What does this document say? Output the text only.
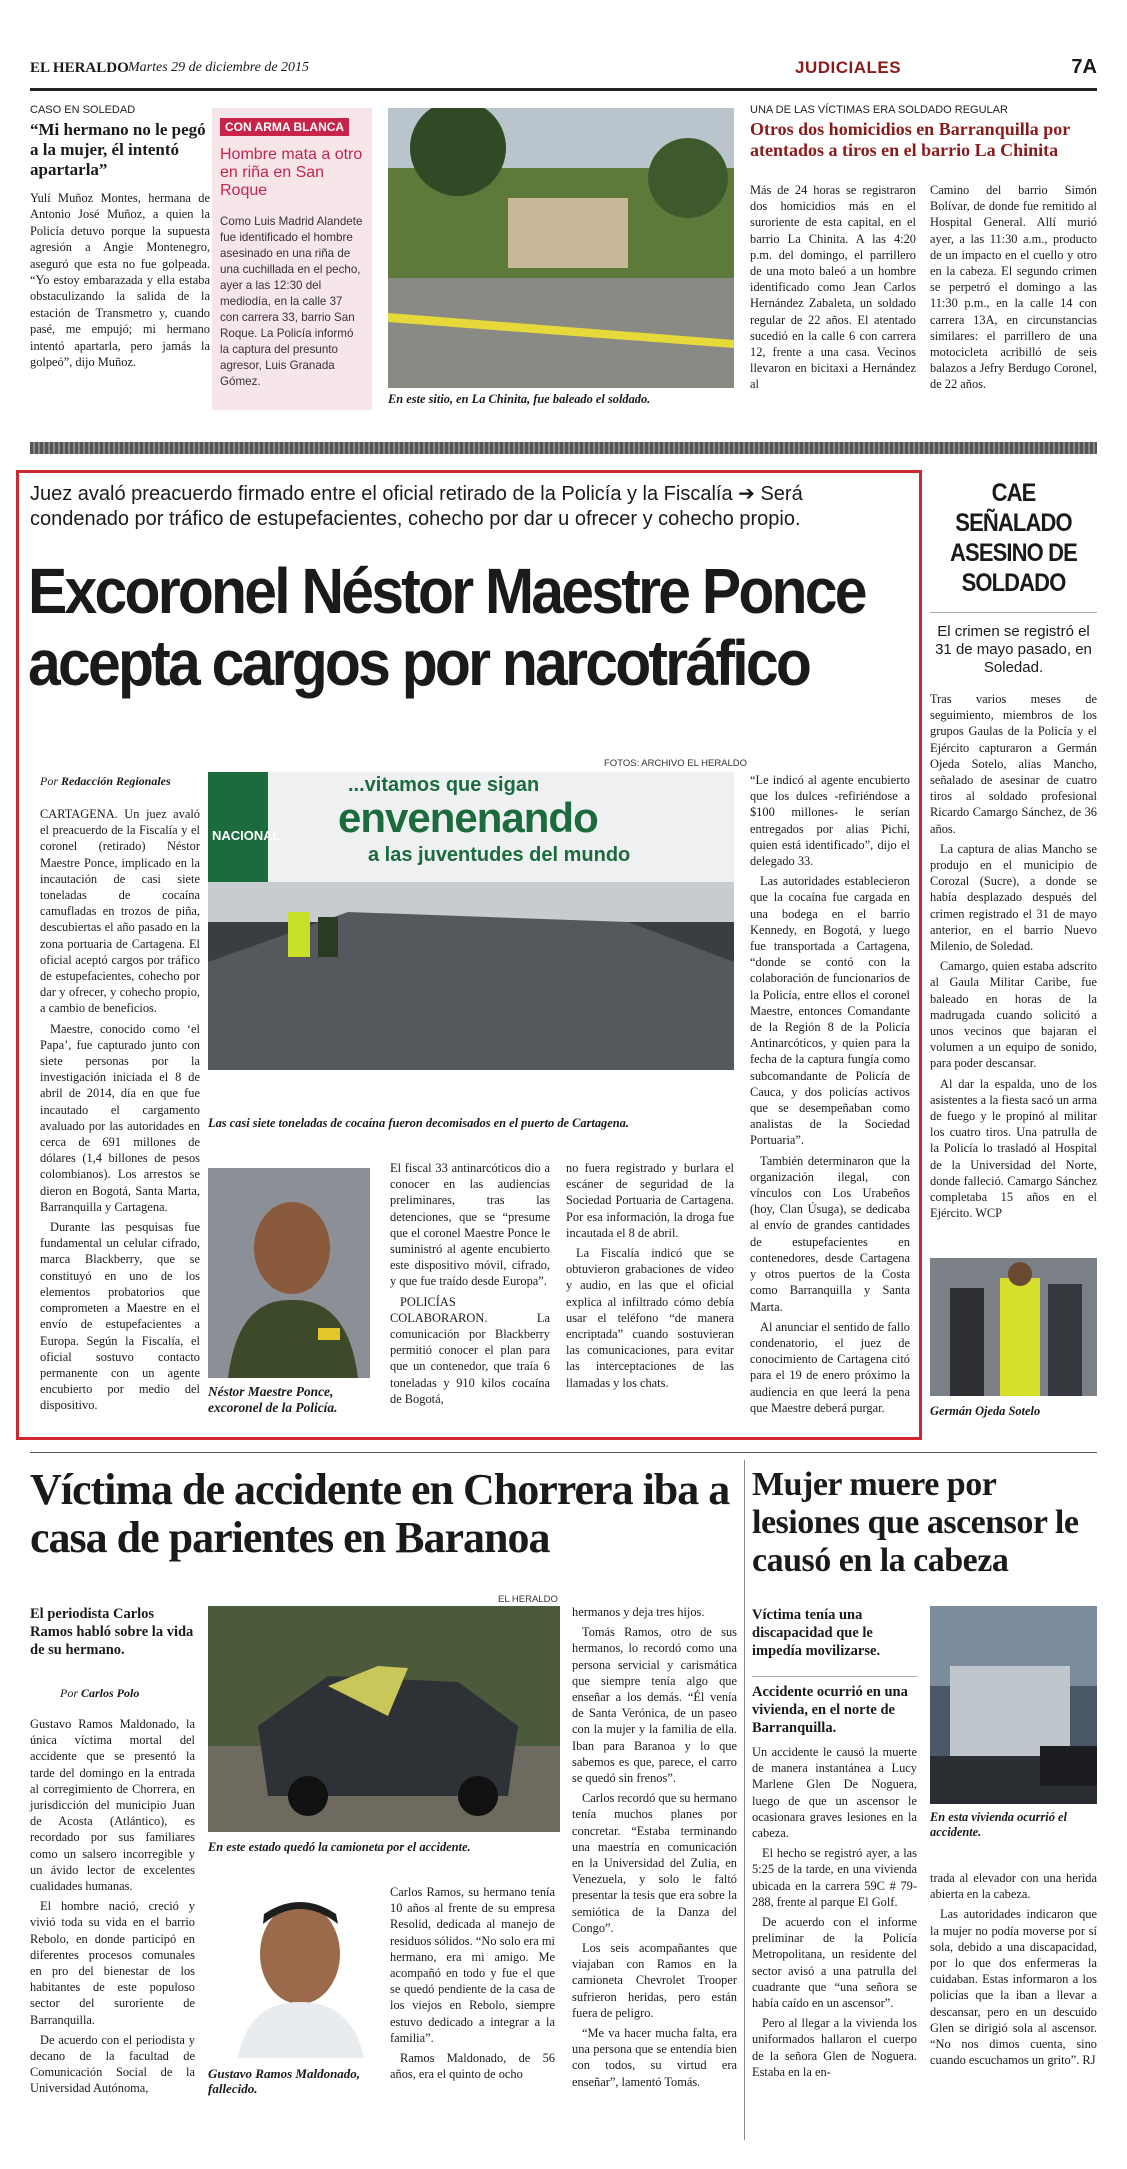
EL HERALDO Martes 29 de diciembre de 2015	JUDICIALES	7A
CASO EN SOLEDAD
“Mi hermano no le pegó a la mujer, él intentó apartarla”
Yulí Muñoz Montes, hermana de Antonio José Muñoz, a quien la Policía detuvo porque la supuesta agresión a Angie Montenegro, aseguró que esta no fue golpeada. “Yo estoy embarazada y ella estaba obstaculizando la salida de la estación de Transmetro y, cuando pasé, me empujó; mi hermano intentó apartarla, pero jamás la golpeó”, dijo Muñoz.
CON ARMA BLANCA
Hombre mata a otro en riña en San Roque
Como Luis Madrid Alandete fue identificado el hombre asesinado en una riña de una cuchillada en el pecho, ayer a las 12:30 del mediodía, en la calle 37 con carrera 33, barrio San Roque. La Policía informó la captura del presunto agresor, Luis Granada Gómez.
En este sitio, en La Chinita, fue baleado el soldado.
UNA DE LAS VÍCTIMAS ERA SOLDADO REGULAR
Otros dos homicidios en Barranquilla por atentados a tiros en el barrio La Chinita
Más de 24 horas se registraron dos homicidios más en el suroriente de esta capital, en el barrio La Chinita. A las 4:20 p.m. del domingo, el parrillero de una moto baleó a un hombre identificado como Jean Carlos Hernández Zabaleta, un soldado regular de 22 años. El atentado sucedió en la calle 6 con carrera 12, frente a una casa. Vecinos llevaron en bicitaxi a Hernández al
Camino del barrio Simón Bolívar, de donde fue remitido al Hospital General. Allí murió ayer, a las 11:30 a.m., producto de un impacto en el cuello y otro en la cabeza. El segundo crimen se perpetró el domingo a las 11:30 p.m., en la calle 14 con carrera 13A, en circunstancias similares: el parrillero de una motocicleta acribilló de seis balazos a Jefry Berdugo Coronel, de 22 años.
Juez avaló preacuerdo firmado entre el oficial retirado de la Policía y la Fiscalía ➔ Será condenado por tráfico de estupefacientes, cohecho por dar u ofrecer y cohecho propio.
Excoronel Néstor Maestre Ponce
acepta cargos por narcotráfico
Por Redacción Regionales
FOTOS: ARCHIVO EL HERALDO
...vitamos que sigan
envenenando
a las juventudes del mundo
NACIONAL
Las casi siete toneladas de cocaína fueron decomisados en el puerto de Cartagena.

CARTAGENA. Un juez avaló el preacuerdo de la Fiscalía y el coronel (retirado) Néstor Maestre Ponce, implicado en la incautación de casi siete toneladas de cocaína camufladas en trozos de piña, descubiertas el año pasado en la zona portuaria de Cartagena. El oficial aceptó cargos por tráfico de estupefacientes, cohecho por dar y ofrecer, y cohecho propio, a cambio de beneficios.

Maestre, conocido como ‘el Papa’, fue capturado junto con siete personas por la investigación iniciada el 8 de abril de 2014, día en que fue incautado el cargamento avaluado por las autoridades en cerca de 691 millones de dólares (1,4 billones de pesos colombianos). Los arrestos se dieron en Bogotá, Santa Marta, Barranquilla y Cartagena.

Durante las pesquisas fue fundamental un celular cifrado, marca Blackberry, que se constituyó en uno de los elementos probatorios que comprometen a Maestre en el envío de estupefacientes a Europa. Según la Fiscalía, el oficial sostuvo contacto permanente con un agente encubierto por medio del dispositivo.

Néstor Maestre Ponce, excoronel de la Policía.

El fiscal 33 antinarcóticos dio a conocer en las audiencias preliminares, tras las detenciones, que se “presume que el coronel Maestre Ponce le suministró al agente encubierto este dispositivo móvil, cifrado, y que fue traído desde Europa”.

POLICÍAS COLABORARON. La comunicación por Blackberry permitió conocer el plan para que un contenedor, que traía 6 toneladas y 910 kilos cocaína de Bogotá,

no fuera registrado y burlara el escáner de seguridad de la Sociedad Portuaria de Cartagena. Por esa información, la droga fue incautada el 8 de abril.

La Fiscalía indicó que se obtuvieron grabaciones de video y audio, en las que el oficial explica al infiltrado cómo debía usar el teléfono “de manera encriptada” cuando sostuvieran las comunicaciones, para evitar las interceptaciones de las llamadas y los chats.

“Le indicó al agente encubierto que los dulces -refiriéndose a $100 millones- le serían entregados por alias Pichi, quien está identificado”, dijo el delegado 33.

Las autoridades establecieron que la cocaína fue cargada en una bodega en el barrio Kennedy, en Bogotá, y luego fue transportada a Cartagena, “donde se contó con la colaboración de funcionarios de la Policía, entre ellos el coronel Maestre, entonces Comandante de la Región 8 de la Policía Antinarcóticos, y quien para la fecha de la captura fungía como subcomandante de Policía de Cauca, y dos policías activos que se desempeñaban como analistas de la Sociedad Portuaria”.

También determinaron que la organización ilegal, con vínculos con Los Urabeños (hoy, Clan Úsuga), se dedicaba al envío de grandes cantidades de estupefacientes en contenedores, desde Cartagena y otros puertos de la Costa como Barranquilla y Santa Marta.

Al anunciar el sentido de fallo condenatorio, el juez de conocimiento de Cartagena citó para el 19 de enero próximo la audiencia en que leerá la pena que Maestre deberá purgar.

CAE SEÑALADO ASESINO DE SOLDADO
El crimen se registró el 31 de mayo pasado, en Soledad.

Tras varios meses de seguimiento, miembros de los grupos Gaulas de la Policía y el Ejército capturaron a Germán Ojeda Sotelo, alias Mancho, señalado de asesinar de cuatro tiros al soldado profesional Ricardo Camargo Sánchez, de 36 años.

La captura de alias Mancho se produjo en el municipio de Corozal (Sucre), a donde se había desplazado después del crimen registrado el 31 de mayo anterior, en el barrio Nuevo Milenio, de Soledad.

Camargo, quien estaba adscrito al Gaula Militar Caribe, fue baleado en horas de la madrugada cuando solicitó a unos vecinos que bajaran el volumen a un equipo de sonido, para poder descansar.

Al dar la espalda, uno de los asistentes a la fiesta sacó un arma de fuego y le propinó al militar los cuatro tiros. Una patrulla de la Policía lo trasladó al Hospital de la Universidad del Norte, donde falleció. Camargo Sánchez completaba 15 años en el Ejército. WCP

Germán Ojeda Sotelo
Víctima de accidente en Chorrera iba a casa de parientes en Baranoa
El periodista Carlos Ramos habló sobre la vida de su hermano.
Por Carlos Polo
EL HERALDO
En este estado quedó la camioneta por el accidente.

Gustavo Ramos Maldonado, la única víctima mortal del accidente que se presentó la tarde del domingo en la entrada al corregimiento de Chorrera, en jurisdicción del municipio Juan de Acosta (Atlántico), es recordado por sus familiares como un salsero incorregible y un ávido lector de excelentes cualidades humanas.

El hombre nació, creció y vivió toda su vida en el barrio Rebolo, en donde participó en diferentes procesos comunales en pro del bienestar de los habitantes de este populoso sector del suroriente de Barranquilla.

De acuerdo con el periodista y decano de la facultad de Comunicación Social de la Universidad Autónoma,

Gustavo Ramos Maldonado, fallecido.

Carlos Ramos, su hermano tenía 10 años al frente de su empresa Resolid, dedicada al manejo de residuos sólidos. “No solo era mi hermano, era mi amigo. Me acompañó en todo y fue el que se quedó pendiente de la casa de los viejos en Rebolo, siempre estuvo dedicado a integrar a la familia”.

Ramos Maldonado, de 56 años, era el quinto de ocho

hermanos y deja tres hijos.

Tomás Ramos, otro de sus hermanos, lo recordó como una persona servicial y carismática que siempre tenía algo que enseñar a los demás. “Él venía de Santa Verónica, de un paseo con la mujer y la familia de ella. Iban para Baranoa y lo que sabemos es que, parece, el carro se quedó sin frenos”.

Carlos recordó que su hermano tenía muchos planes por concretar. “Estaba terminando una maestría en comunicación en la Universidad del Zulia, en Venezuela, y solo le faltó presentar la tesis que era sobre la semiótica de la Danza del Congo”.

Los seis acompañantes que viajaban con Ramos en la camioneta Chevrolet Trooper sufrieron heridas, pero están fuera de peligro.

“Me va hacer mucha falta, era una persona que se entendía bien con todos, su virtud era enseñar”, lamentó Tomás.

Mujer muere por lesiones que ascensor le causó en la cabeza
Víctima tenía una discapacidad que le impedía movilizarse.
Accidente ocurrió en una vivienda, en el norte de Barranquilla.

Un accidente le causó la muerte de manera instantánea a Lucy Marlene Glen De Noguera, luego de que un ascensor le ocasionara graves lesiones en la cabeza.

El hecho se registró ayer, a las 5:25 de la tarde, en una vivienda ubicada en la carrera 59C # 79-288, frente al parque El Golf.

De acuerdo con el informe preliminar de la Policía Metropolitana, un residente del sector avisó a una patrulla del cuadrante que “una señora se había caído en un ascensor”.

Pero al llegar a la vivienda los uniformados hallaron el cuerpo de la señora Glen de Noguera. Estaba en la en-

En esta vivienda ocurrió el accidente.

trada al elevador con una herida abierta en la cabeza.

Las autoridades indicaron que la mujer no podía moverse por sí sola, debido a una discapacidad, por lo que dos enfermeras la cuidaban. Estas informaron a los policías que la iban a llevar a descansar, pero en un descuido Glen se dirigió sola al ascensor. “No nos dimos cuenta, sino cuando escuchamos un grito”. RJ
